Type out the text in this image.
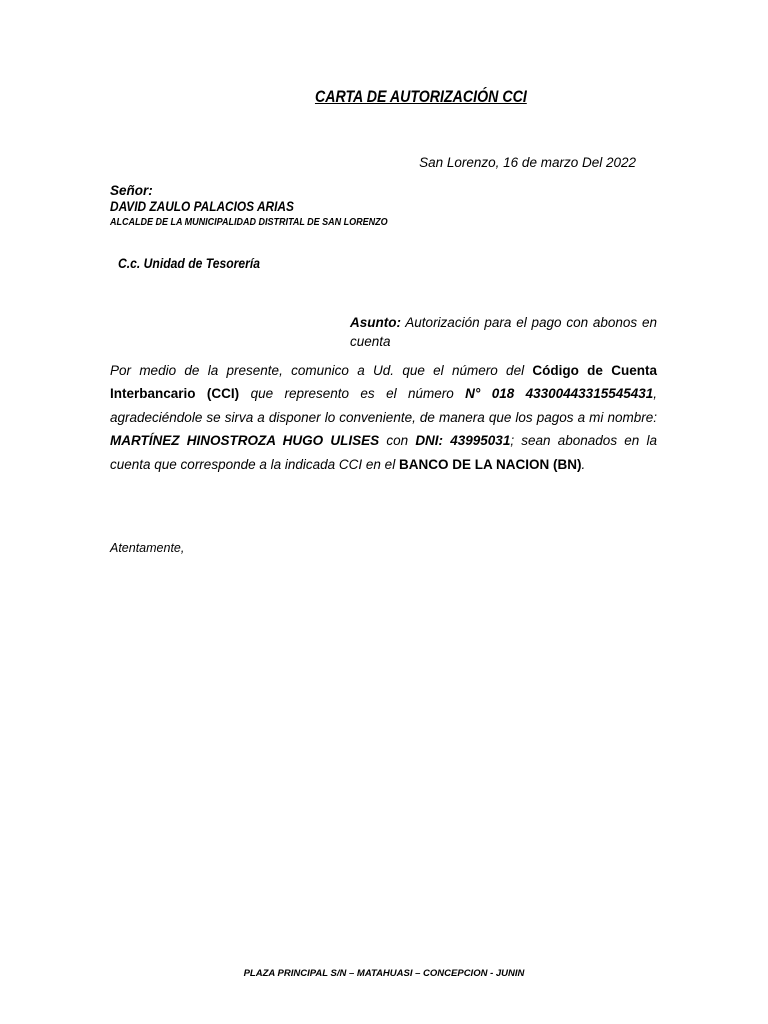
CARTA DE AUTORIZACIÓN CCI
San Lorenzo, 16 de marzo Del 2022
Señor:
DAVID ZAULO PALACIOS ARIAS
ALCALDE DE LA MUNICIPALIDAD DISTRITAL DE SAN LORENZO
C.c. Unidad de Tesorería
Asunto: Autorización para el pago con abonos en cuenta
Por medio de la presente, comunico a Ud. que el número del Código de Cuenta Interbancario (CCI) que represento es el número N° 018 43300443315545431, agradeciéndole se sirva a disponer lo conveniente, de manera que los pagos a mi nombre: MARTÍNEZ HINOSTROZA HUGO ULISES con DNI: 43995031; sean abonados en la cuenta que corresponde a la indicada CCI en el BANCO DE LA NACION (BN).
Atentamente,
PLAZA PRINCIPAL S/N – MATAHUASI – CONCEPCION - JUNIN
